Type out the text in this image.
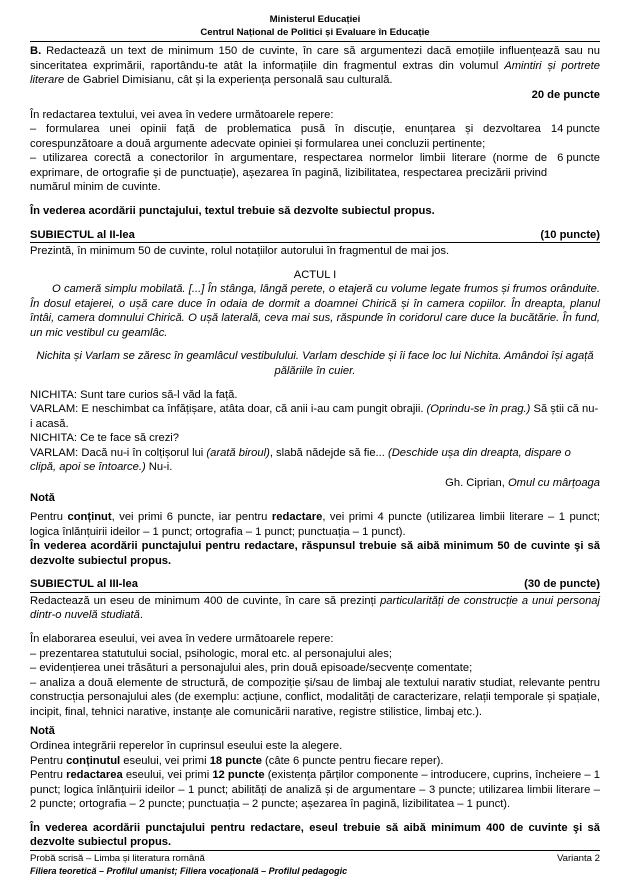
Ministerul Educației
Centrul Național de Politici și Evaluare în Educație

B. Redactează un text de minimum 150 de cuvinte, în care să argumentezi dacă emoțiile influențează sau nu sinceritatea exprimării, raportându-te atât la informațiile din fragmentul extras din volumul Amintiri și portrete literare de Gabriel Dimisianu, cât și la experiența personală sau culturală.

20 de puncte

În redactarea textului, vei avea în vedere următoarele repere:

– formularea unei opinii față de problematica pusă în discuție, enunțarea și dezvoltarea corespunzătoare a două argumente adecvate opiniei și formularea unei concluzii pertinente;
14 puncte
– utilizarea corectă a conectorilor în argumentare, respectarea normelor limbii literare (norme de exprimare, de ortografie și de punctuație), așezarea în pagină, lizibilitatea, respectarea precizării privind numărul minim de cuvinte.
6 puncte

În vederea acordării punctajului, textul trebuie să dezvolte subiectul propus.

SUBIECTUL al II-lea	(10 puncte)

Prezintă, în minimum 50 de cuvinte, rolul notațiilor autorului în fragmentul de mai jos.

ACTUL I

O cameră simplu mobilată. [...] În stânga, lângă perete, o etajeră cu volume legate frumos și frumos orânduite. În dosul etajerei, o ușă care duce în odaia de dormit a doamnei Chirică și în camera copiilor. În dreapta, planul întâi, camera domnului Chirică. O ușă laterală, ceva mai sus, răspunde în coridorul care duce la bucătărie. În fund, un mic vestibul cu geamlâc.

Nichita și Varlam se zăresc în geamlâcul vestibulului. Varlam deschide și îi face loc lui Nichita. Amândoi își agață pălăriile în cuier.

NICHITA: Sunt tare curios să-l văd la față.

VARLAM: E neschimbat ca înfățișare, atâta doar, că anii i-au cam pungit obrajii. (Oprindu-se în prag.) Să știi că nu-i acasă.

NICHITA: Ce te face să crezi?

VARLAM: Dacă nu-i în colțișorul lui (arată biroul), slabă nădejde să fie... (Deschide ușa din dreapta, dispare o clipă, apoi se întoarce.) Nu-i.

Gh. Ciprian, Omul cu mârțoaga

Notă

Pentru conținut, vei primi 6 puncte, iar pentru redactare, vei primi 4 puncte (utilizarea limbii literare – 1 punct; logica înlănțuirii ideilor – 1 punct; ortografia – 1 punct; punctuația – 1 punct).

În vederea acordării punctajului pentru redactare, răspunsul trebuie să aibă minimum 50 de cuvinte şi să dezvolte subiectul propus.

SUBIECTUL al III-lea	(30 de puncte)

Redactează un eseu de minimum 400 de cuvinte, în care să prezinți particularități de construcție a unui personaj dintr-o nuvelă studiată.

În elaborarea eseului, vei avea în vedere următoarele repere:

– prezentarea statutului social, psihologic, moral etc. al personajului ales;

– evidențierea unei trăsături a personajului ales, prin două episoade/secvențe comentate;

– analiza a două elemente de structură, de compoziție și/sau de limbaj ale textului narativ studiat, relevante pentru construcția personajului ales (de exemplu: acțiune, conflict, modalități de caracterizare, relații temporale și spațiale, incipit, final, tehnici narative, instanțe ale comunicării narative, registre stilistice, limbaj etc.).

Notă

Ordinea integrării reperelor în cuprinsul eseului este la alegere.

Pentru conținutul eseului, vei primi 18 puncte (câte 6 puncte pentru fiecare reper).

Pentru redactarea eseului, vei primi 12 puncte (existența părților componente – introducere, cuprins, încheiere – 1 punct; logica înlănțuirii ideilor – 1 punct; abilități de analiză și de argumentare – 3 puncte; utilizarea limbii literare – 2 puncte; ortografia – 2 puncte; punctuația – 2 puncte; așezarea în pagină, lizibilitatea – 1 punct).

În vederea acordării punctajului pentru redactare, eseul trebuie să aibă minimum 400 de cuvinte şi să dezvolte subiectul propus.

Probă scrisă – Limba și literatura română	Varianta 2
Filiera teoretică – Profilul umanist; Filiera vocațională – Profilul pedagogic
